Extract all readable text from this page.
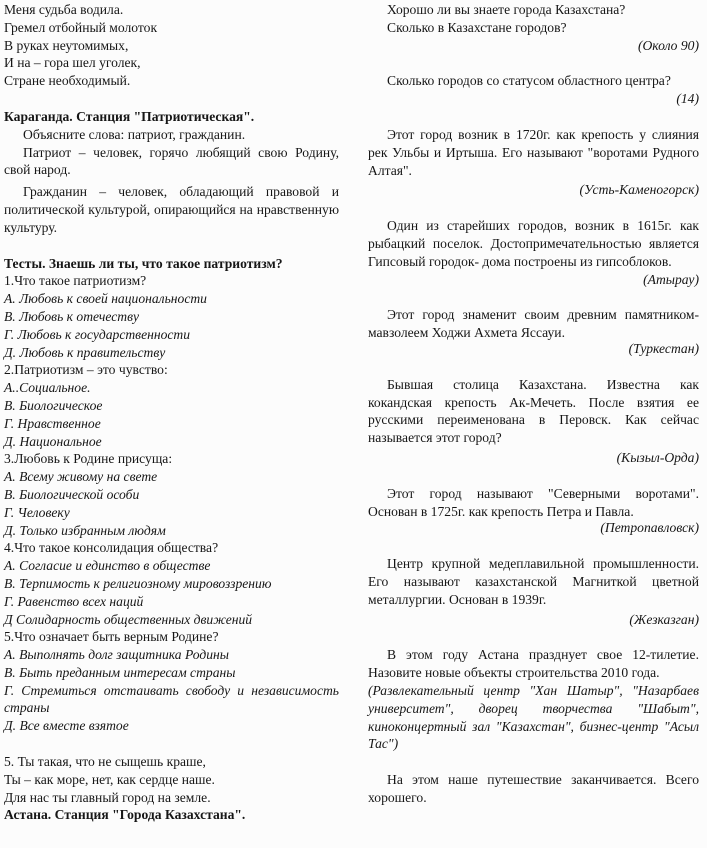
Меня судьба водила.

Гремел отбойный молоток

В руках неутомимых,

И на – гора шел уголек,

Стране необходимый.

Караганда. Станция "Патриотическая".

Объясните слова: патриот, гражданин.

Патриот – человек, горячо любящий свою Родину, свой народ.

Гражданин – человек, обладающий правовой и политической культурой, опирающийся на нравственную культуру.

Тесты. Знаешь ли ты, что такое патриотизм?

1.Что такое патриотизм?

А. Любовь к своей национальности

В. Любовь к отечеству

Г. Любовь к государственности

Д. Любовь к правительству

2.Патриотизм – это чувство:

А..Социальное.

В. Биологическое

Г. Нравственное

Д. Национальное

3.Любовь к Родине присуща:

А. Всему живому на свете

В. Биологической особи

Г. Человеку

Д. Только избранным людям

4.Что такое консолидация общества?

А. Согласие и единство в обществе

В. Терпимость к религиозному мировоззрению

Г. Равенство всех наций

Д Солидарность общественных движений

5.Что означает быть верным Родине?

А. Выполнять долг защитника Родины

В. Быть преданным интересам страны

Г. Стремиться отстаивать свободу и независимость страны

Д. Все вместе взятое

5. Ты такая, что не сыщешь краше,

Ты – как море, нет, как сердце наше.

Для нас ты главный город на земле.

Астана. Станция "Города Казахстана".

Хорошо ли вы знаете города Казахстана?

Сколько в Казахстане городов?

(Около 90)

Сколько городов со статусом областного центра?

(14)

Этот город возник в 1720г. как крепость у слияния рек Ульбы и Иртыша. Его называют "воротами Рудного Алтая".

(Усть-Каменогорск)

Один из старейших городов, возник в 1615г. как рыбацкий поселок. Достопримечательностью является Гипсовый городок- дома построены из гипсоблоков.

(Атырау)

Этот город знаменит своим древним памятником-мавзолеем Ходжи Ахмета Яссауи.

(Туркестан)

Бывшая столица Казахстана. Известна как кокандская крепость Ак-Мечеть. После взятия ее русскими переименована в Перовск. Как сейчас называется этот город?

(Кызыл-Орда)

Этот город называют "Северными воротами". Основан в 1725г. как крепость Петра и Павла.

(Петропавловск)

Центр крупной медеплавильной промышленности. Его называют казахстанской Магниткой цветной металлургии. Основан в 1939г.

(Жезказган)

В этом году Астана празднует свое 12-тилетие. Назовите новые объекты строительства 2010 года.

(Развлекательный центр "Хан Шатыр", "Назарбаев университет", дворец творчества "Шабыт", киноконцертный зал "Казахстан", бизнес-центр "Асыл Тас")

На этом наше путешествие заканчивается. Всего хорошего.
